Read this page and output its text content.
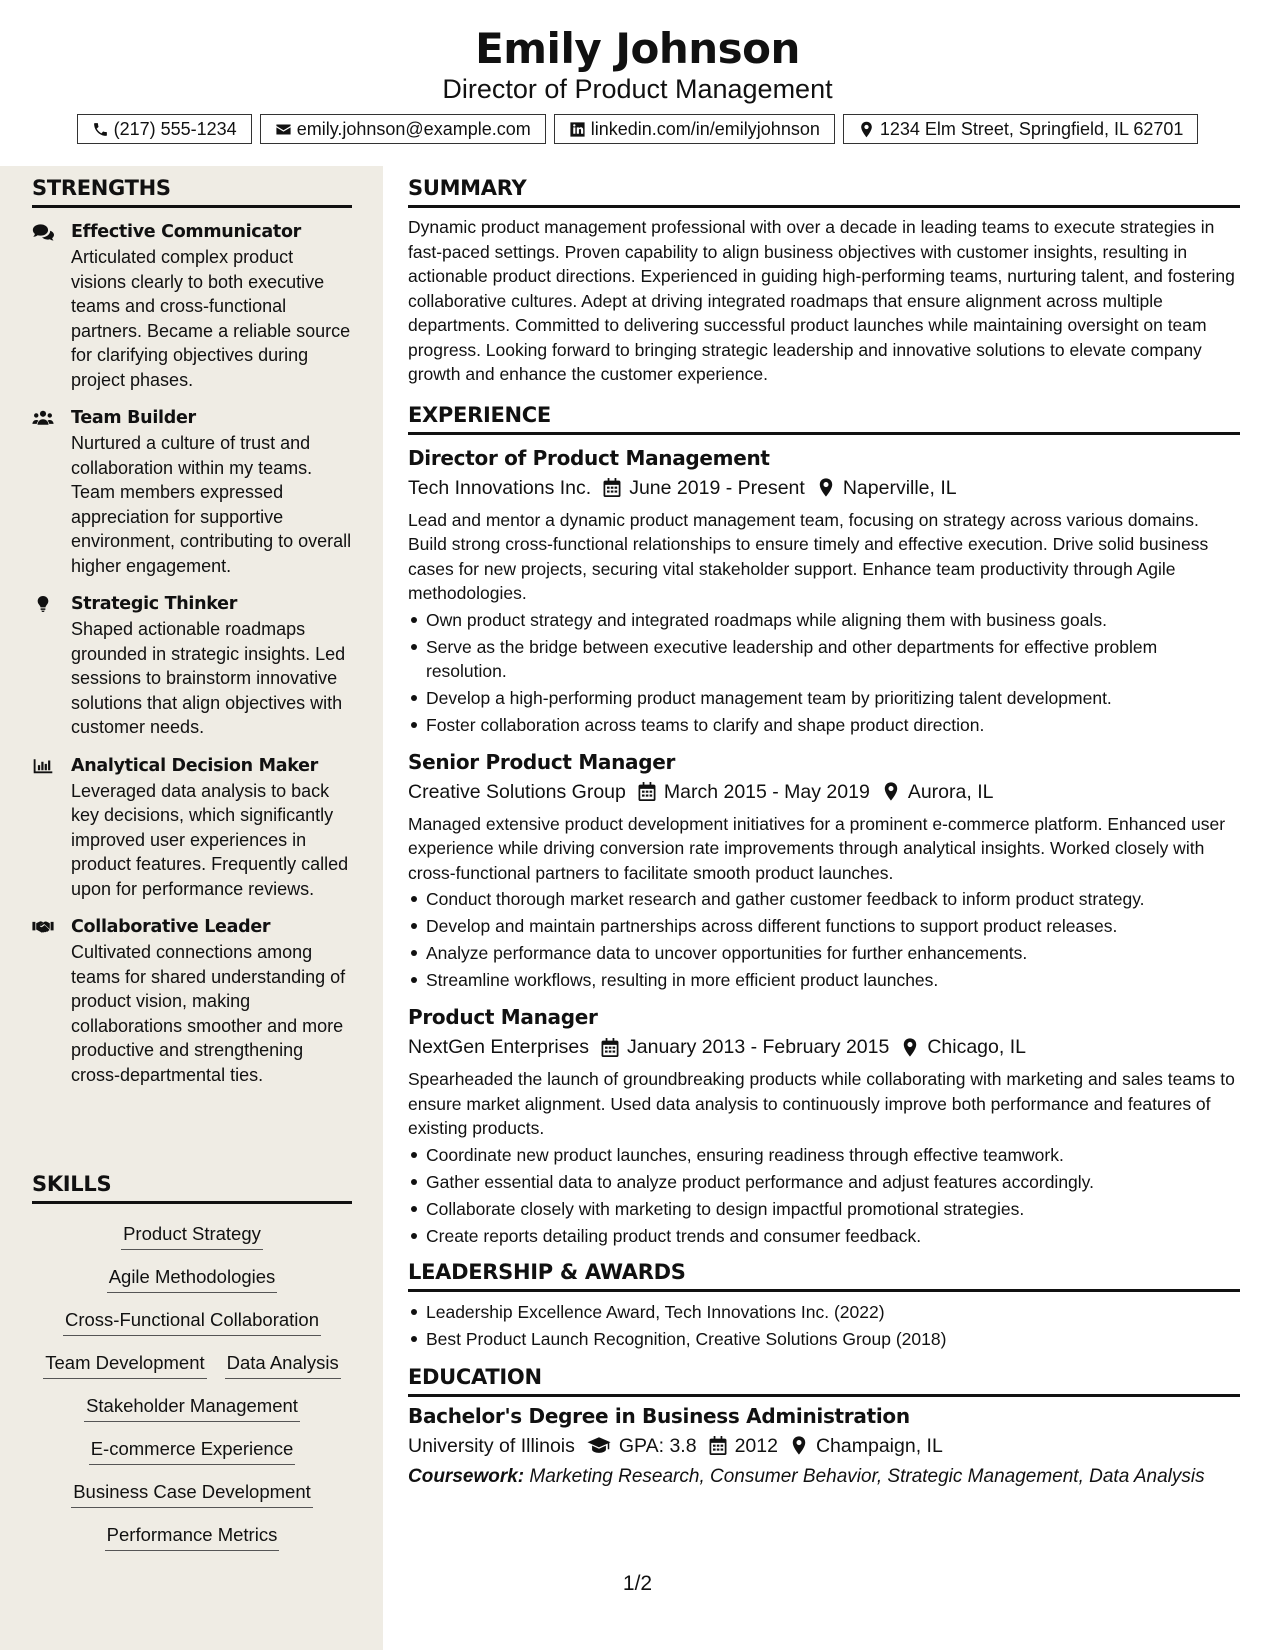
Emily Johnson
Director of Product Management
(217) 555-1234	emily.johnson@example.com	linkedin.com/in/emilyjohnson	1234 Elm Street, Springfield, IL 62701
STRENGTHS
Effective Communicator
Articulated complex product visions clearly to both executive teams and cross-functional partners. Became a reliable source for clarifying objectives during project phases.
Team Builder
Nurtured a culture of trust and collaboration within my teams. Team members expressed appreciation for supportive environment, contributing to overall higher engagement.
Strategic Thinker
Shaped actionable roadmaps grounded in strategic insights. Led sessions to brainstorm innovative solutions that align objectives with customer needs.
Analytical Decision Maker
Leveraged data analysis to back key decisions, which significantly improved user experiences in product features. Frequently called upon for performance reviews.
Collaborative Leader
Cultivated connections among teams for shared understanding of product vision, making collaborations smoother and more productive and strengthening cross-departmental ties.
SKILLS
Product Strategy
Agile Methodologies
Cross-Functional Collaboration
Team Development Data Analysis
Stakeholder Management
E-commerce Experience
Business Case Development
Performance Metrics
SUMMARY
Dynamic product management professional with over a decade in leading teams to execute strategies in fast-paced settings. Proven capability to align business objectives with customer insights, resulting in actionable product directions. Experienced in guiding high-performing teams, nurturing talent, and fostering collaborative cultures. Adept at driving integrated roadmaps that ensure alignment across multiple departments. Committed to delivering successful product launches while maintaining oversight on team progress. Looking forward to bringing strategic leadership and innovative solutions to elevate company growth and enhance the customer experience.
EXPERIENCE
Director of Product Management
Tech Innovations Inc. June 2019 - Present Naperville, IL
Lead and mentor a dynamic product management team, focusing on strategy across various domains. Build strong cross-functional relationships to ensure timely and effective execution. Drive solid business cases for new projects, securing vital stakeholder support. Enhance team productivity through Agile methodologies.
Own product strategy and integrated roadmaps while aligning them with business goals.
Serve as the bridge between executive leadership and other departments for effective problem resolution.
Develop a high-performing product management team by prioritizing talent development.
Foster collaboration across teams to clarify and shape product direction.
Senior Product Manager
Creative Solutions Group March 2015 - May 2019 Aurora, IL
Managed extensive product development initiatives for a prominent e-commerce platform. Enhanced user experience while driving conversion rate improvements through analytical insights. Worked closely with cross-functional partners to facilitate smooth product launches.
Conduct thorough market research and gather customer feedback to inform product strategy.
Develop and maintain partnerships across different functions to support product releases.
Analyze performance data to uncover opportunities for further enhancements.
Streamline workflows, resulting in more efficient product launches.
Product Manager
NextGen Enterprises January 2013 - February 2015 Chicago, IL
Spearheaded the launch of groundbreaking products while collaborating with marketing and sales teams to ensure market alignment. Used data analysis to continuously improve both performance and features of existing products.
Coordinate new product launches, ensuring readiness through effective teamwork.
Gather essential data to analyze product performance and adjust features accordingly.
Collaborate closely with marketing to design impactful promotional strategies.
Create reports detailing product trends and consumer feedback.
LEADERSHIP & AWARDS
Leadership Excellence Award, Tech Innovations Inc. (2022)
Best Product Launch Recognition, Creative Solutions Group (2018)
EDUCATION
Bachelor's Degree in Business Administration
University of Illinois GPA: 3.8 2012 Champaign, IL
Coursework: Marketing Research, Consumer Behavior, Strategic Management, Data Analysis
1/2
